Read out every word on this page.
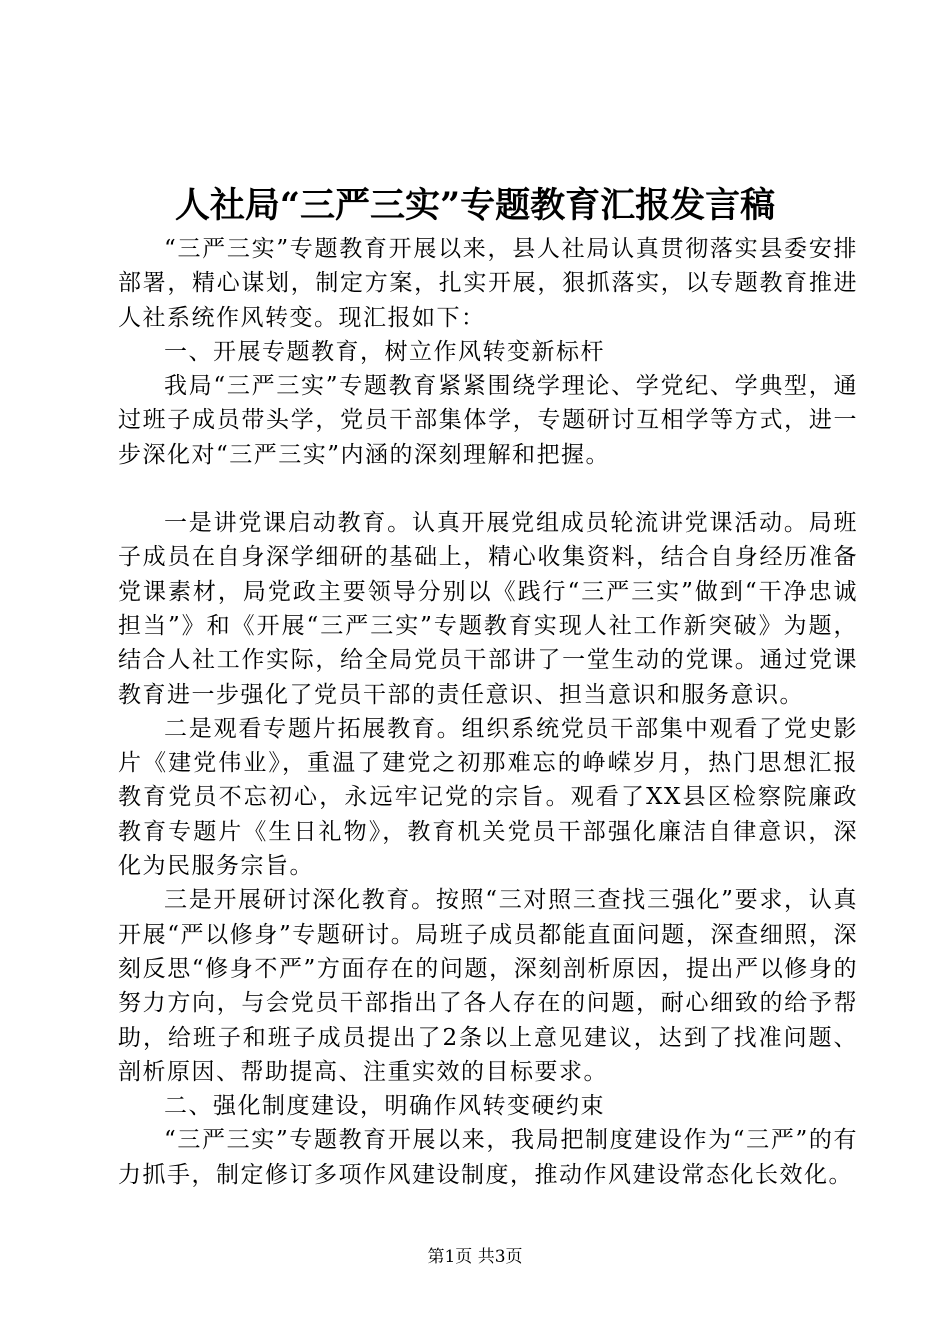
人社局“三严三实”专题教育汇报发言稿

“三严三实”专题教育开展以来，县人社局认真贯彻落实县委安排部署，精心谋划，制定方案，扎实开展，狠抓落实，以专题教育推进人社系统作风转变。现汇报如下：

一、开展专题教育，树立作风转变新标杆

我局“三严三实”专题教育紧紧围绕学理论、学党纪、学典型，通过班子成员带头学，党员干部集体学，专题研讨互相学等方式，进一步深化对“三严三实”内涵的深刻理解和把握。

一是讲党课启动教育。认真开展党组成员轮流讲党课活动。局班子成员在自身深学细研的基础上，精心收集资料，结合自身经历准备党课素材，局党政主要领导分别以《践行“三严三实”做到“干净忠诚担当”》和《开展“三严三实”专题教育实现人社工作新突破》为题，结合人社工作实际，给全局党员干部讲了一堂生动的党课。通过党课教育进一步强化了党员干部的责任意识、担当意识和服务意识。

二是观看专题片拓展教育。组织系统党员干部集中观看了党史影片《建党伟业》，重温了建党之初那难忘的峥嵘岁月，热门思想汇报教育党员不忘初心，永远牢记党的宗旨。观看了XX县区检察院廉政教育专题片《生日礼物》，教育机关党员干部强化廉洁自律意识，深化为民服务宗旨。

三是开展研讨深化教育。按照“三对照三查找三强化”要求，认真开展“严以修身”专题研讨。局班子成员都能直面问题，深查细照，深刻反思“修身不严”方面存在的问题，深刻剖析原因，提出严以修身的努力方向，与会党员干部指出了各人存在的问题，耐心细致的给予帮助，给班子和班子成员提出了2条以上意见建议，达到了找准问题、剖析原因、帮助提高、注重实效的目标要求。

二、强化制度建设，明确作风转变硬约束

“三严三实”专题教育开展以来，我局把制度建设作为“三严”的有力抓手，制定修订多项作风建设制度，推动作风建设常态化长效化。

第1页 共3页
